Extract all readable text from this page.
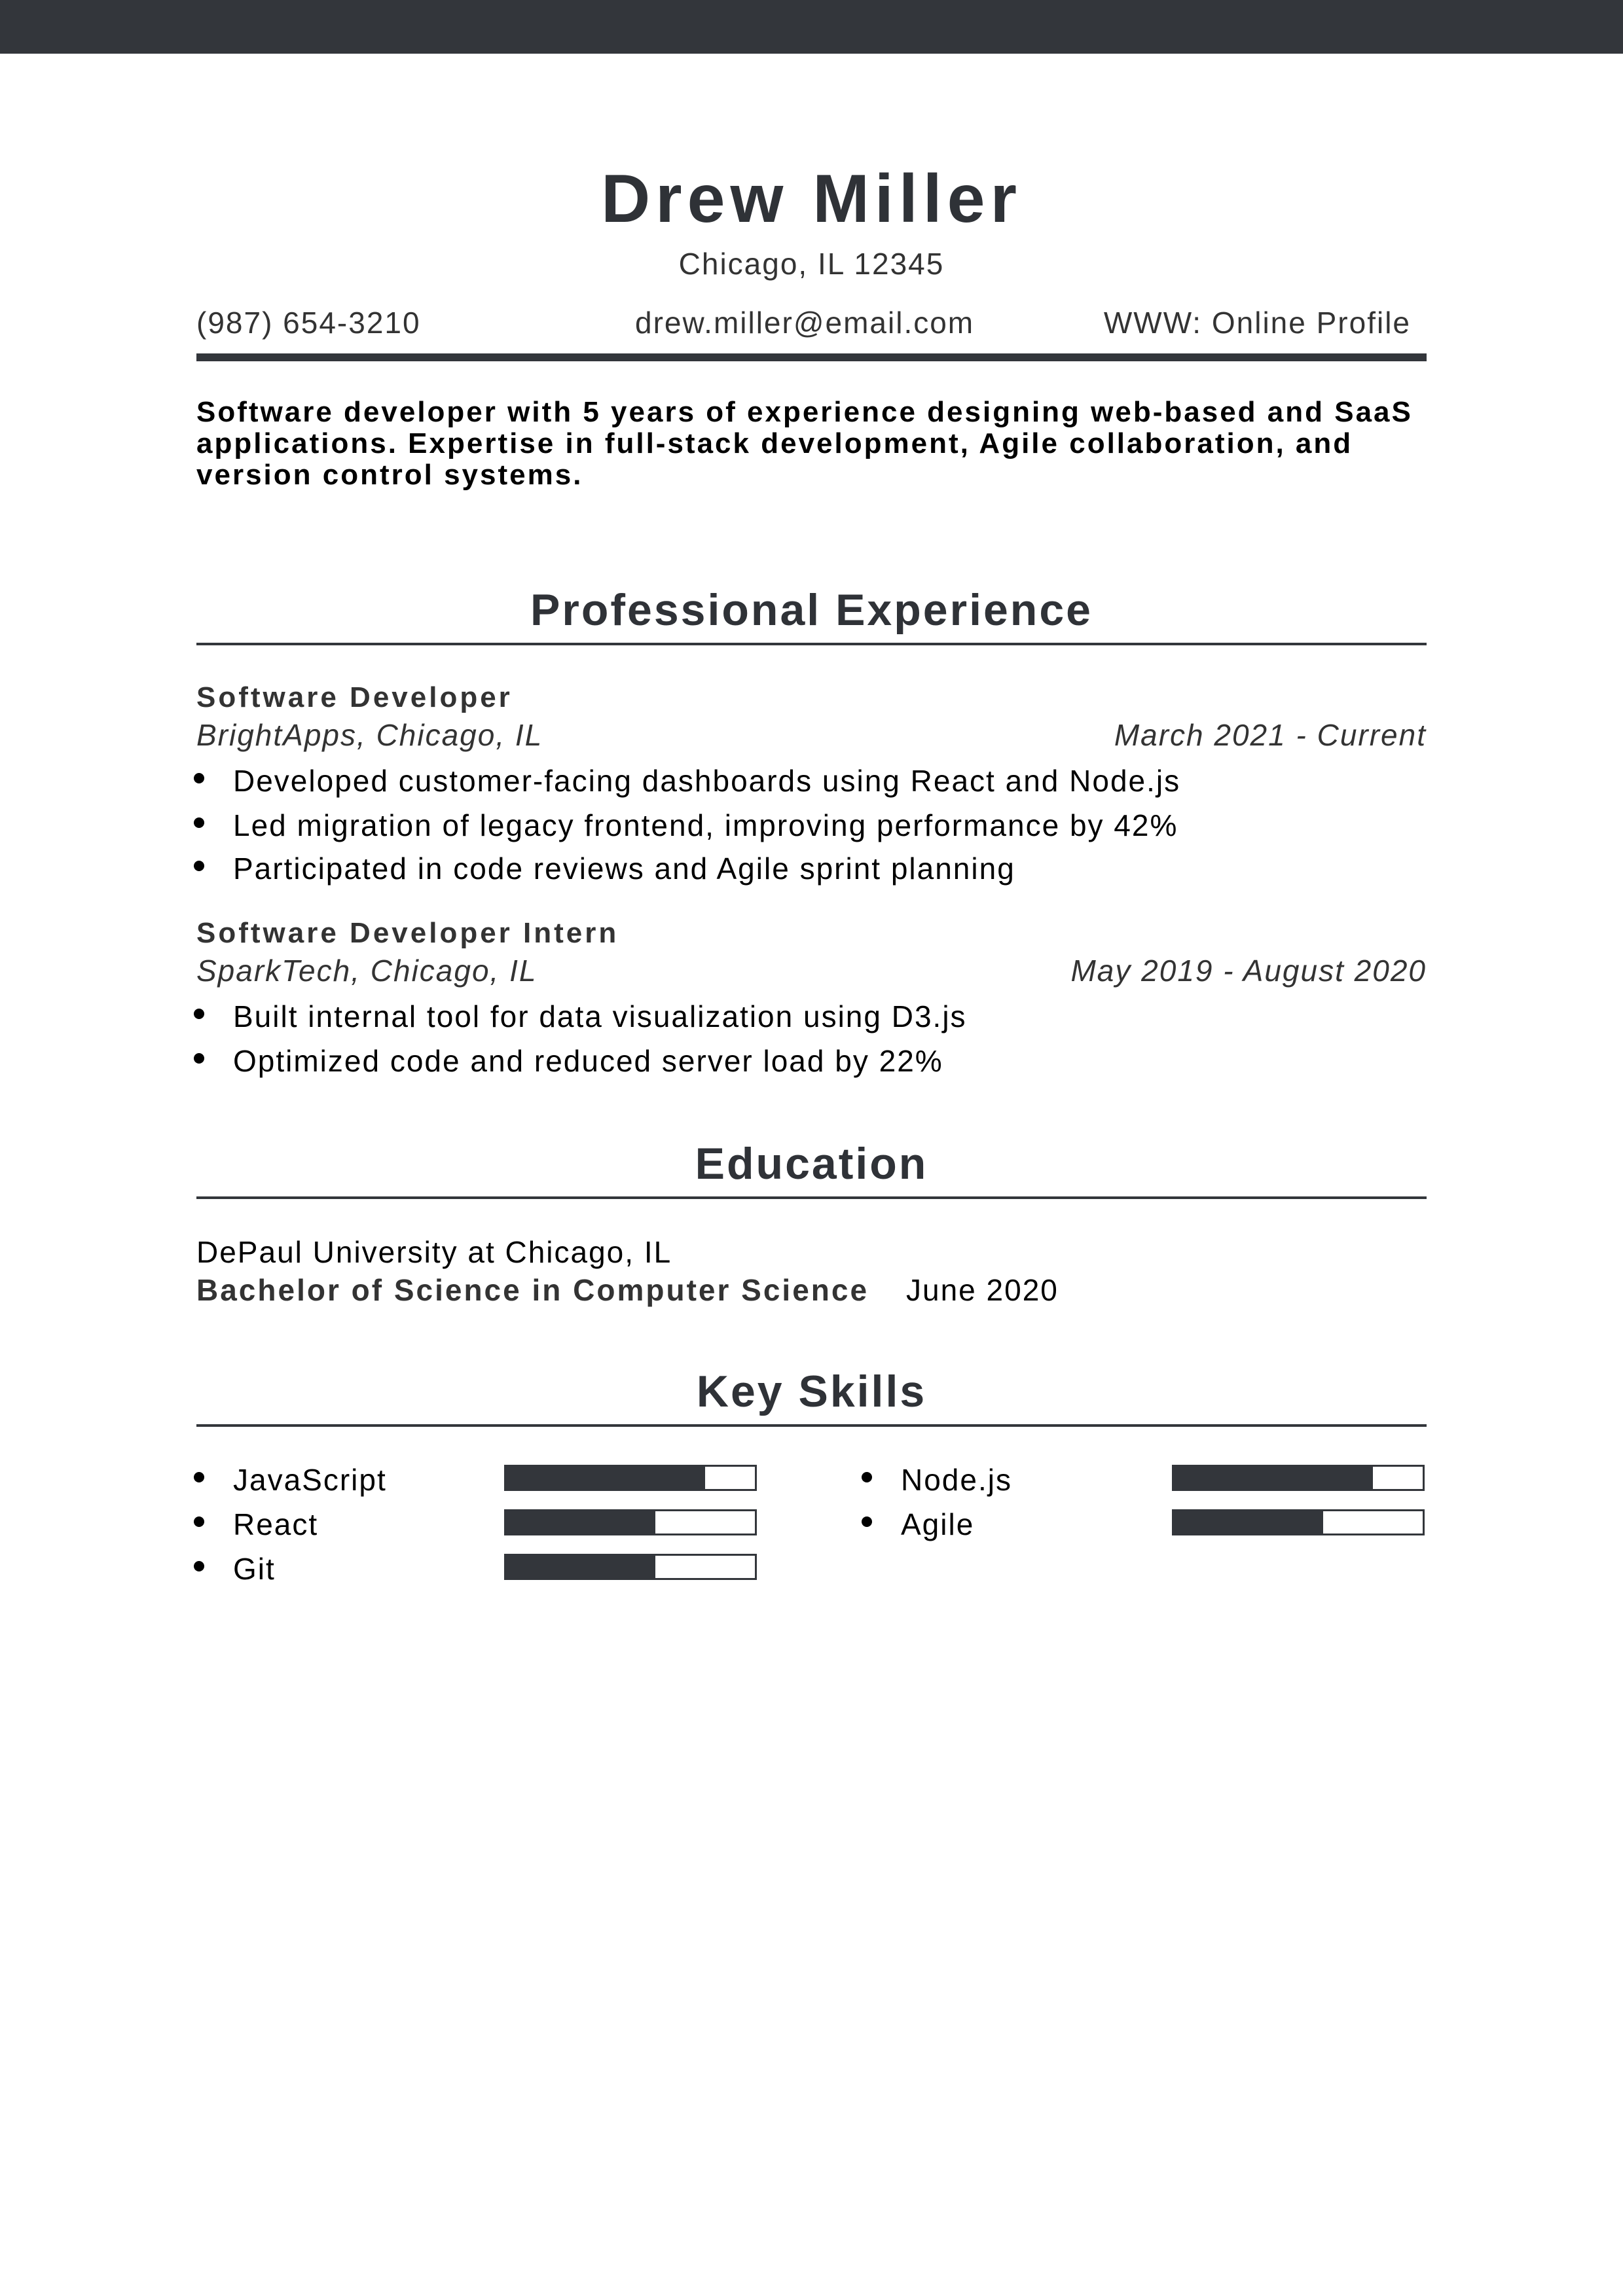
Drew Miller
Chicago, IL 12345
(987) 654-3210	drew.miller@email.com	WWW: Online Profile
Software developer with 5 years of experience designing web-based and SaaS applications. Expertise in full-stack development, Agile collaboration, and version control systems.
Professional Experience
Software Developer
BrightApps, Chicago, IL	March 2021 - Current
Developed customer-facing dashboards using React and Node.js
Led migration of legacy frontend, improving performance by 42%
Participated in code reviews and Agile sprint planning
Software Developer Intern
SparkTech, Chicago, IL	May 2019 - August 2020
Built internal tool for data visualization using D3.js
Optimized code and reduced server load by 22%
Education
DePaul University at Chicago, IL
Bachelor of Science in Computer Science June 2020
Key Skills
JavaScript	Node.js
React	Agile
Git
